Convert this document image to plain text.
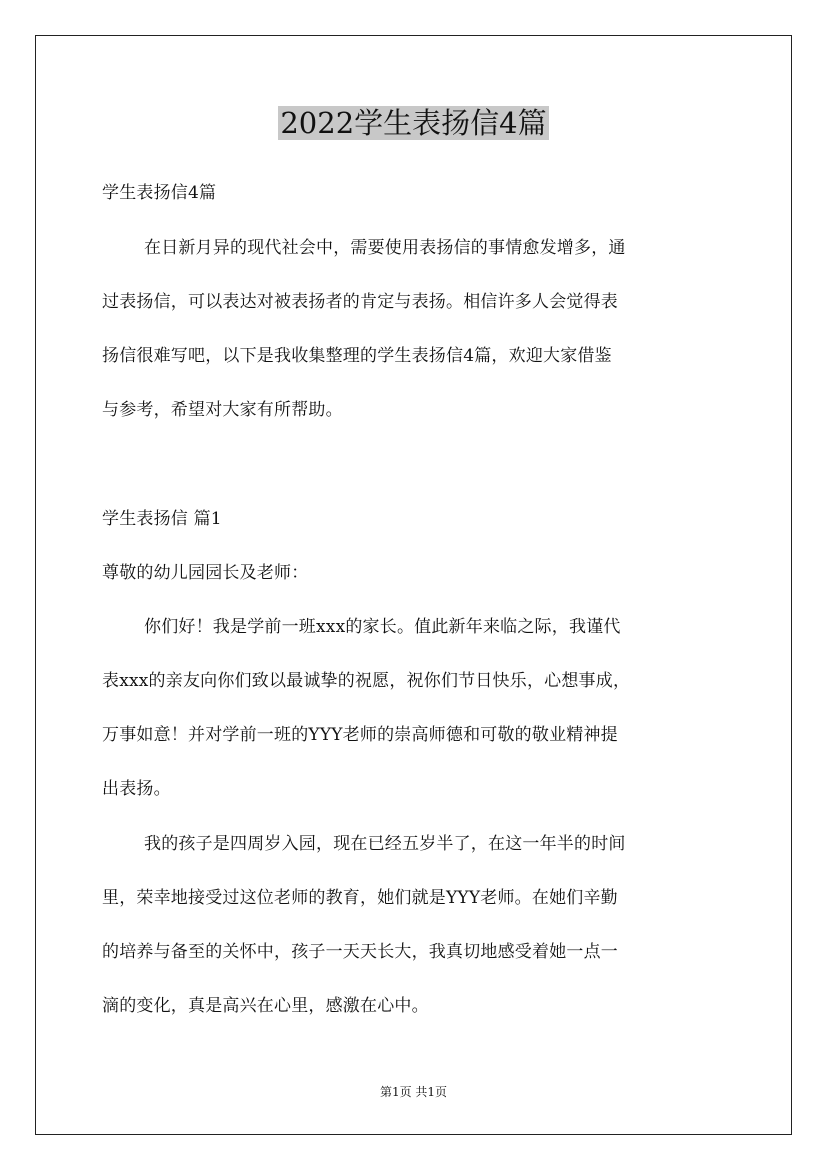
2022学生表扬信4篇
学生表扬信4篇
在日新月异的现代社会中，需要使用表扬信的事情愈发增多，通
过表扬信，可以表达对被表扬者的肯定与表扬。相信许多人会觉得表
扬信很难写吧，以下是我收集整理的学生表扬信4篇，欢迎大家借鉴
与参考，希望对大家有所帮助。
学生表扬信 篇1
尊敬的幼儿园园长及老师：
你们好！我是学前一班xxx的家长。值此新年来临之际，我谨代
表xxx的亲友向你们致以最诚挚的祝愿，祝你们节日快乐，心想事成，
万事如意！并对学前一班的YYY老师的崇高师德和可敬的敬业精神提
出表扬。
我的孩子是四周岁入园，现在已经五岁半了，在这一年半的时间
里，荣幸地接受过这位老师的教育，她们就是YYY老师。在她们辛勤
的培养与备至的关怀中，孩子一天天长大，我真切地感受着她一点一
滴的变化，真是高兴在心里，感激在心中。
第1页 共1页
